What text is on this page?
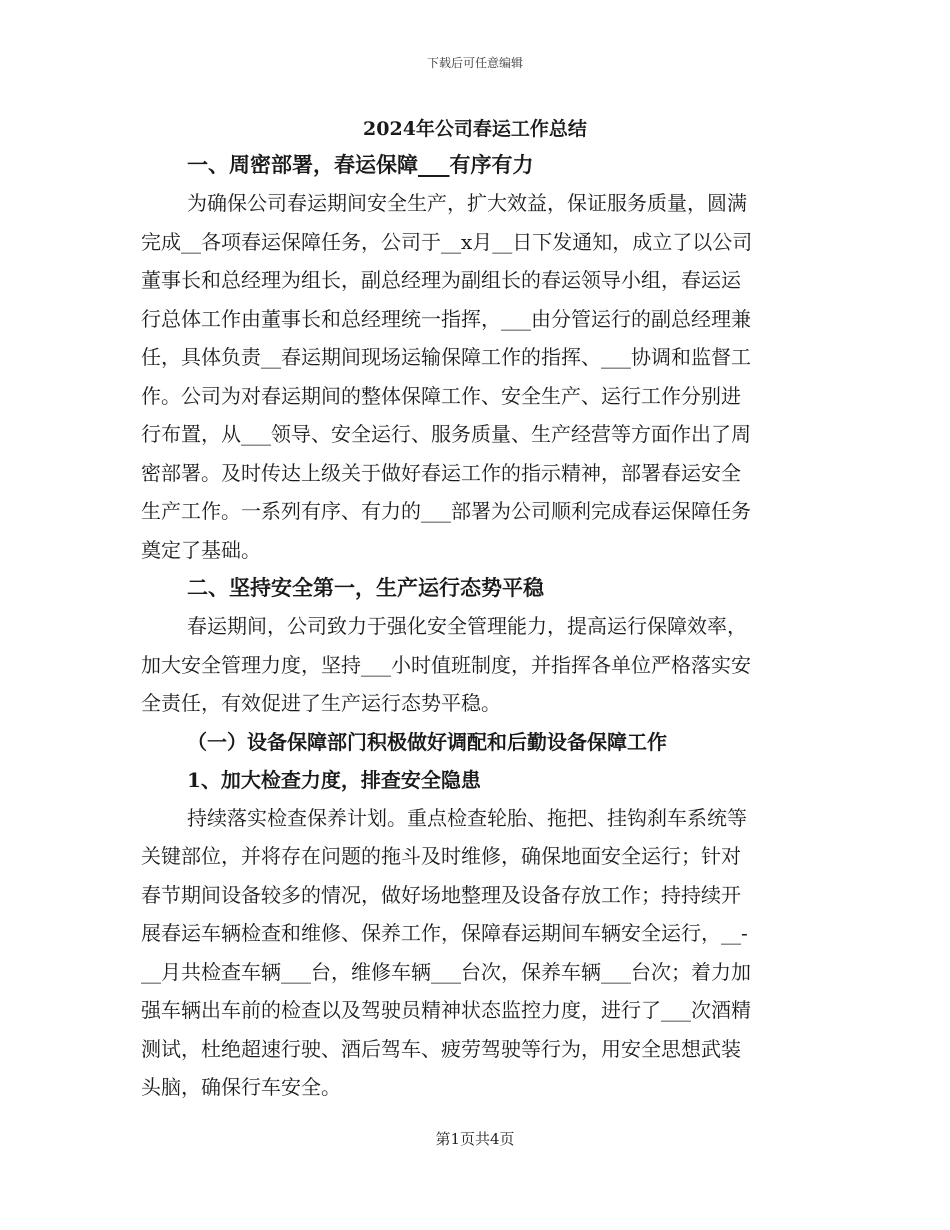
下载后可任意编辑
2024年公司春运工作总结
一、周密部署，春运保障___有序有力
为确保公司春运期间安全生产，扩大效益，保证服务质量，圆满
完成__各项春运保障任务，公司于__x月__日下发通知，成立了以公司
董事长和总经理为组长，副总经理为副组长的春运领导小组，春运运
行总体工作由董事长和总经理统一指挥，___由分管运行的副总经理兼
任，具体负责__春运期间现场运输保障工作的指挥、___协调和监督工
作。公司为对春运期间的整体保障工作、安全生产、运行工作分别进
行布置，从___领导、安全运行、服务质量、生产经营等方面作出了周
密部署。及时传达上级关于做好春运工作的指示精神，部署春运安全
生产工作。一系列有序、有力的___部署为公司顺利完成春运保障任务
奠定了基础。
二、坚持安全第一，生产运行态势平稳
春运期间，公司致力于强化安全管理能力，提高运行保障效率，
加大安全管理力度，坚持___小时值班制度，并指挥各单位严格落实安
全责任，有效促进了生产运行态势平稳。
（一）设备保障部门积极做好调配和后勤设备保障工作
1、加大检查力度，排查安全隐患
持续落实检查保养计划。重点检查轮胎、拖把、挂钩刹车系统等
关键部位，并将存在问题的拖斗及时维修，确保地面安全运行；针对
春节期间设备较多的情况，做好场地整理及设备存放工作；持持续开
展春运车辆检查和维修、保养工作，保障春运期间车辆安全运行，__-
__月共检查车辆___台，维修车辆___台次，保养车辆___台次；着力加
强车辆出车前的检查以及驾驶员精神状态监控力度，进行了___次酒精
测试，杜绝超速行驶、酒后驾车、疲劳驾驶等行为，用安全思想武装
头脑，确保行车安全。
第1页共4页
